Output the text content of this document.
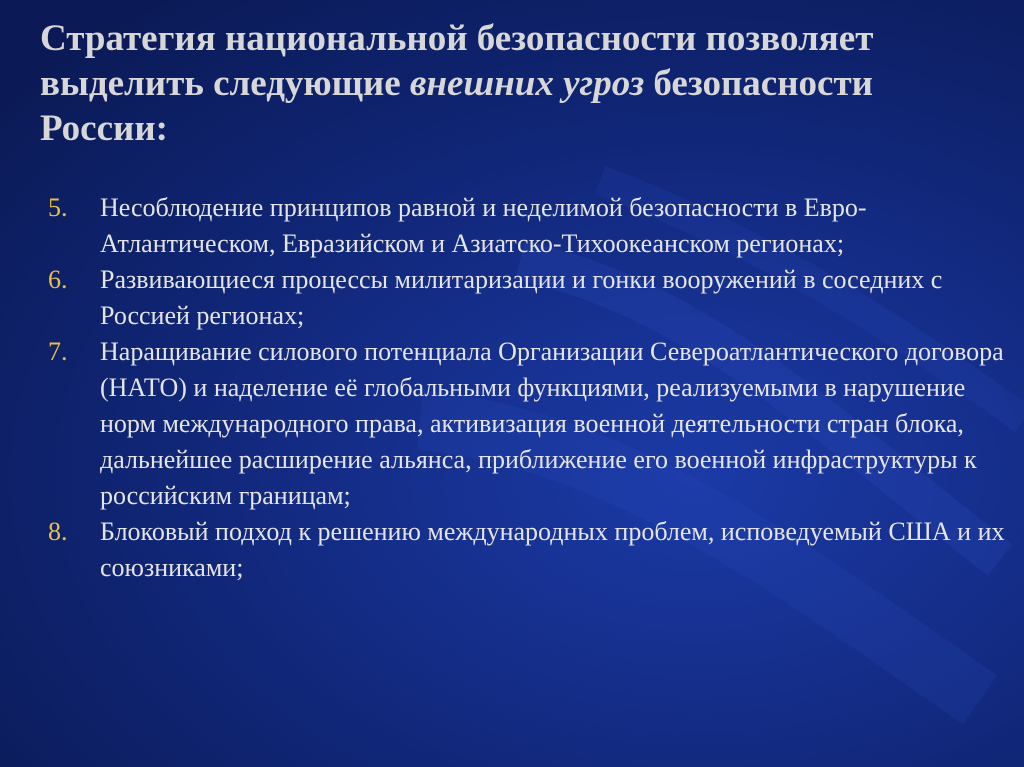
Стратегия национальной безопасности позволяет выделить следующие внешних угроз безопасности России:
5.	Несоблюдение принципов равной и неделимой безопасности в Евро-Атлантическом, Евразийском и Азиатско-Тихоокеанском регионах;
6.	Развивающиеся процессы милитаризации и гонки вооружений в соседних с Россией регионах;
7.	Наращивание силового потенциала Организации Североатлантического договора (НАТО) и наделение её глобальными функциями, реализуемыми в нарушение норм международного права, активизация военной деятельности стран блока, дальнейшее расширение альянса, приближение его военной инфраструктуры к российским границам;
8.	Блоковый подход к решению международных проблем, исповедуемый США и их союзниками;
